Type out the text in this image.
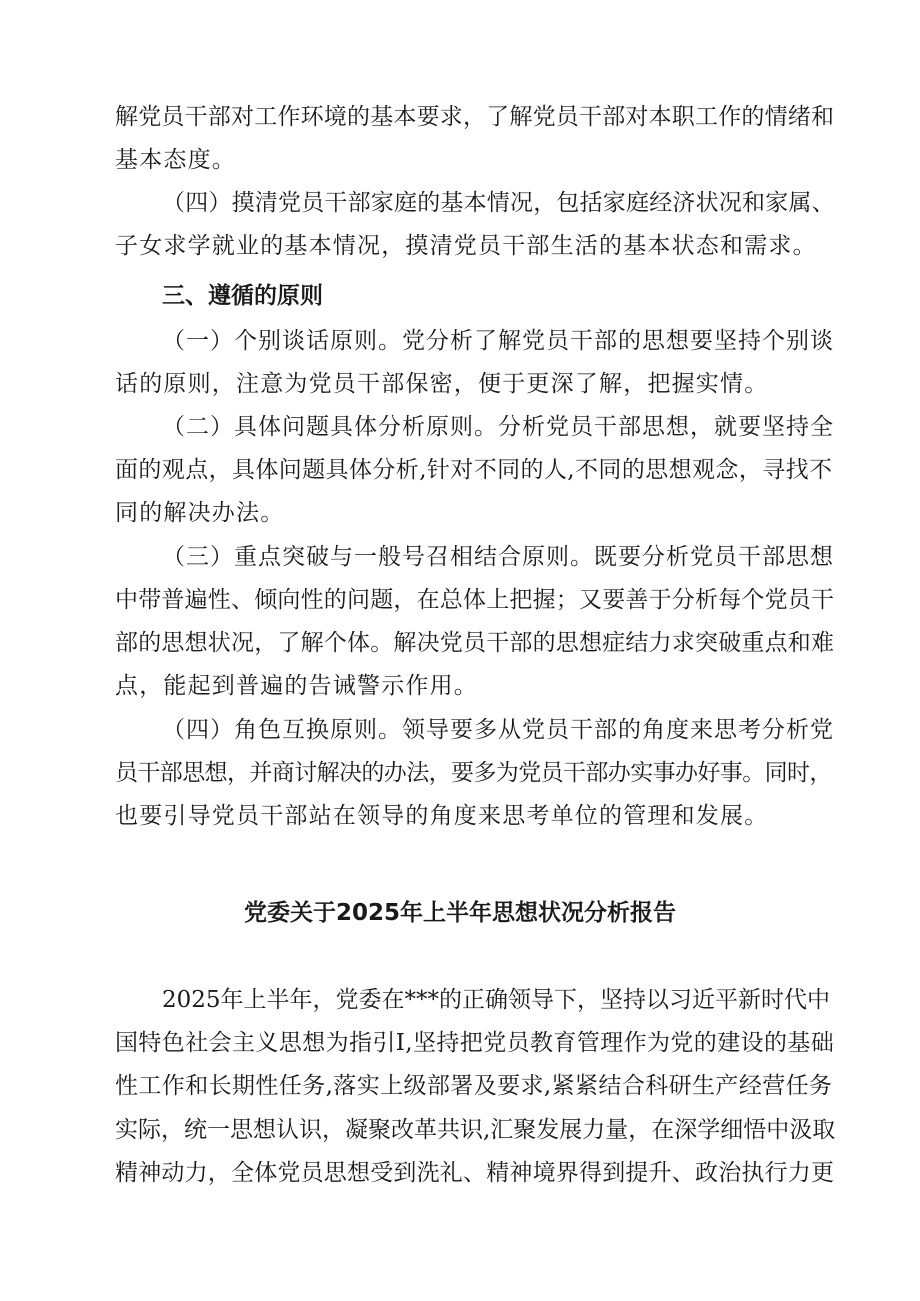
解党员干部对工作环境的基本要求，了解党员干部对本职工作的情绪和
基本态度。
（四）摸清党员干部家庭的基本情况，包括家庭经济状况和家属、
子女求学就业的基本情况，摸清党员干部生活的基本状态和需求。
三、遵循的原则
（一）个别谈话原则。党分析了解党员干部的思想要坚持个别谈
话的原则，注意为党员干部保密，便于更深了解，把握实情。
（二）具体问题具体分析原则。分析党员干部思想，就要坚持全
面的观点，具体问题具体分析,针对不同的人,不同的思想观念，寻找不
同的解决办法。
（三）重点突破与一般号召相结合原则。既要分析党员干部思想
中带普遍性、倾向性的问题，在总体上把握；又要善于分析每个党员干
部的思想状况，了解个体。解决党员干部的思想症结力求突破重点和难
点，能起到普遍的告诫警示作用。
（四）角色互换原则。领导要多从党员干部的角度来思考分析党
员干部思想，并商讨解决的办法，要多为党员干部办实事办好事。同时，
也要引导党员干部站在领导的角度来思考单位的管理和发展。
党委关于2025年上半年思想状况分析报告
2025年上半年，党委在***的正确领导下，坚持以习近平新时代中
国特色社会主义思想为指引I,坚持把党员教育管理作为党的建设的基础
性工作和长期性任务,落实上级部署及要求,紧紧结合科研生产经营任务
实际，统一思想认识，凝聚改革共识,汇聚发展力量，在深学细悟中汲取
精神动力，全体党员思想受到洗礼、精神境界得到提升、政治执行力更
